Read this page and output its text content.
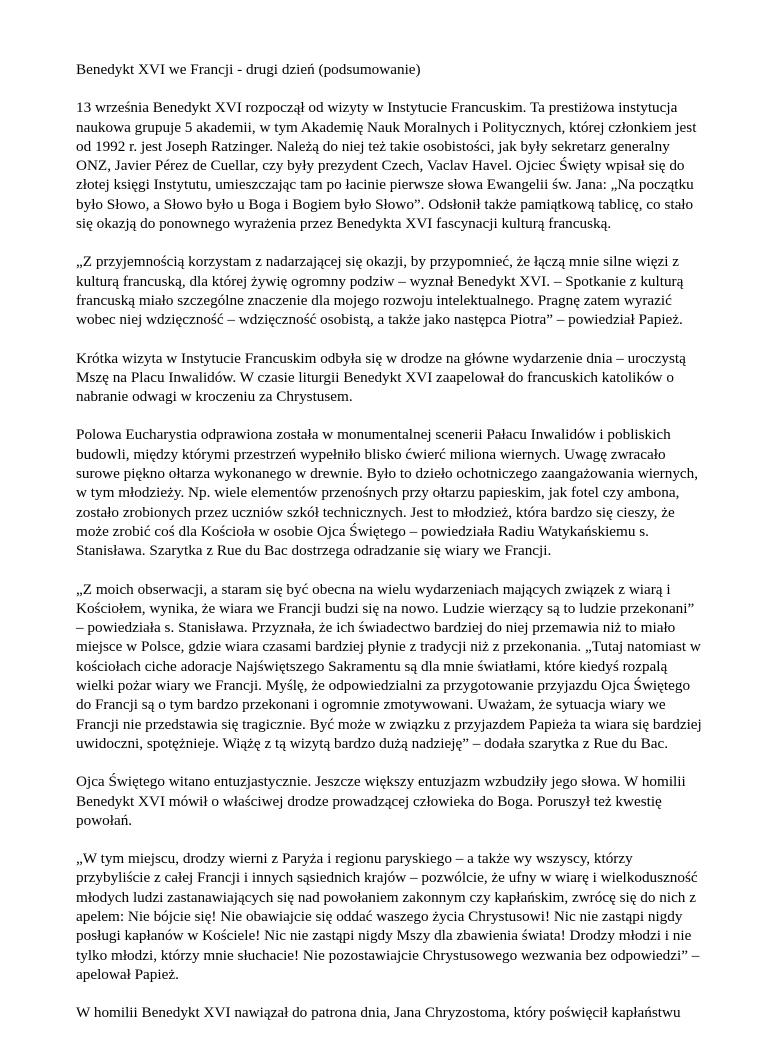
Benedykt XVI we Francji - drugi dzień (podsumowanie)

13 września Benedykt XVI rozpoczął od wizyty w Instytucie Francuskim. Ta prestiżowa instytucja naukowa grupuje 5 akademii, w tym Akademię Nauk Moralnych i Politycznych, której członkiem jest od 1992 r. jest Joseph Ratzinger. Należą do niej też takie osobistości, jak były sekretarz generalny ONZ, Javier Pérez de Cuellar, czy były prezydent Czech, Vaclav Havel. Ojciec Święty wpisał się do złotej księgi Instytutu, umieszczając tam po łacinie pierwsze słowa Ewangelii św. Jana: „Na początku było Słowo, a Słowo było u Boga i Bogiem było Słowo”. Odsłonił także pamiątkową tablicę, co stało się okazją do ponownego wyrażenia przez Benedykta XVI fascynacji kulturą francuską.

„Z przyjemnością korzystam z nadarzającej się okazji, by przypomnieć, że łączą mnie silne więzi z kulturą francuską, dla której żywię ogromny podziw – wyznał Benedykt XVI. – Spotkanie z kulturą francuską miało szczególne znaczenie dla mojego rozwoju intelektualnego. Pragnę zatem wyrazić wobec niej wdzięczność – wdzięczność osobistą, a także jako następca Piotra” – powiedział Papież.

Krótka wizyta w Instytucie Francuskim odbyła się w drodze na główne wydarzenie dnia – uroczystą Mszę na Placu Inwalidów. W czasie liturgii Benedykt XVI zaapelował do francuskich katolików o nabranie odwagi w kroczeniu za Chrystusem.

Polowa Eucharystia odprawiona została w monumentalnej scenerii Pałacu Inwalidów i pobliskich budowli, między którymi przestrzeń wypełniło blisko ćwierć miliona wiernych. Uwagę zwracało surowe piękno ołtarza wykonanego w drewnie. Było to dzieło ochotniczego zaangażowania wiernych, w tym młodzieży. Np. wiele elementów przenośnych przy ołtarzu papieskim, jak fotel czy ambona, zostało zrobionych przez uczniów szkół technicznych. Jest to młodzież, która bardzo się cieszy, że może zrobić coś dla Kościoła w osobie Ojca Świętego – powiedziała Radiu Watykańskiemu s. Stanisława. Szarytka z Rue du Bac dostrzega odradzanie się wiary we Francji.

„Z moich obserwacji, a staram się być obecna na wielu wydarzeniach mających związek z wiarą i Kościołem, wynika, że wiara we Francji budzi się na nowo. Ludzie wierzący są to ludzie przekonani” – powiedziała s. Stanisława. Przyznała, że ich świadectwo bardziej do niej przemawia niż to miało miejsce w Polsce, gdzie wiara czasami bardziej płynie z tradycji niż z przekonania. „Tutaj natomiast w kościołach ciche adoracje Najświętszego Sakramentu są dla mnie światłami, które kiedyś rozpalą wielki pożar wiary we Francji. Myślę, że odpowiedzialni za przygotowanie przyjazdu Ojca Świętego do Francji są o tym bardzo przekonani i ogromnie zmotywowani. Uważam, że sytuacja wiary we Francji nie przedstawia się tragicznie. Być może w związku z przyjazdem Papieża ta wiara się bardziej uwidoczni, spotężnieje. Wiążę z tą wizytą bardzo dużą nadzieję” – dodała szarytka z Rue du Bac.

Ojca Świętego witano entuzjastycznie. Jeszcze większy entuzjazm wzbudziły jego słowa. W homilii Benedykt XVI mówił o właściwej drodze prowadzącej człowieka do Boga. Poruszył też kwestię powołań.

„W tym miejscu, drodzy wierni z Paryża i regionu paryskiego – a także wy wszyscy, którzy przybyliście z całej Francji i innych sąsiednich krajów – pozwólcie, że ufny w wiarę i wielkoduszność młodych ludzi zastanawiających się nad powołaniem zakonnym czy kapłańskim, zwrócę się do nich z apelem: Nie bójcie się! Nie obawiajcie się oddać waszego życia Chrystusowi! Nic nie zastąpi nigdy posługi kapłanów w Kościele! Nic nie zastąpi nigdy Mszy dla zbawienia świata! Drodzy młodzi i nie tylko młodzi, którzy mnie słuchacie! Nie pozostawiajcie Chrystusowego wezwania bez odpowiedzi” – apelował Papież.

W homilii Benedykt XVI nawiązał do patrona dnia, Jana Chryzostoma, który poświęcił kapłaństwu
